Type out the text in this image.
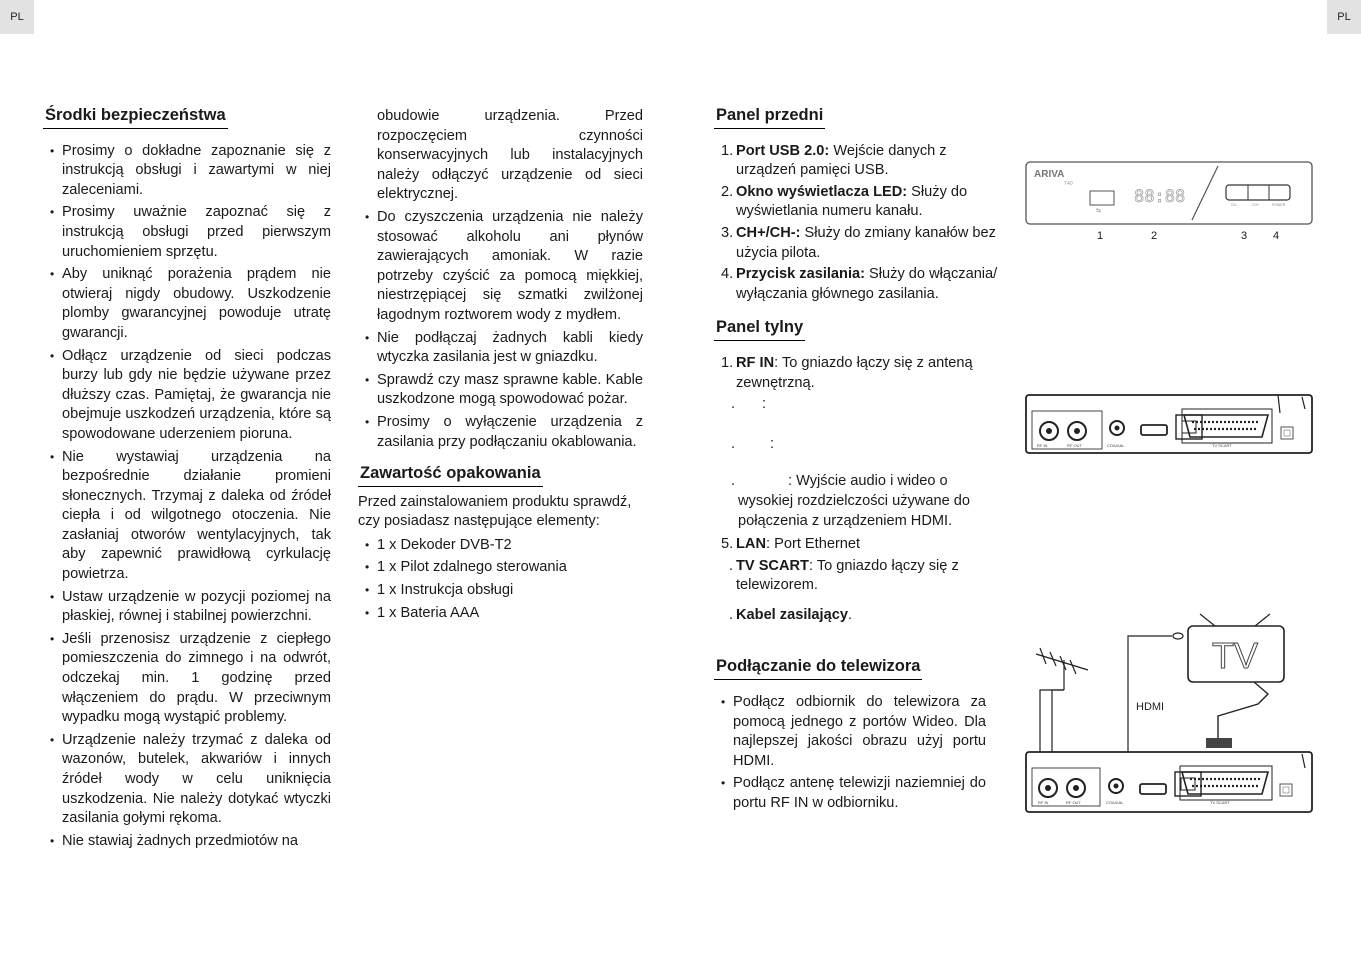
PL	PL
Środki bezpieczeństwa
• Prosimy o dokładne zapoznanie się z instrukcją obsługi i zawartymi w niej zaleceniami.
• Prosimy uważnie zapoznać się z instrukcją obsługi przed pierwszym uruchomieniem sprzętu.
• Aby uniknąć porażenia prądem nie otwieraj nigdy obudowy. Uszkodzenie plomby gwarancyjnej powoduje utratę gwarancji.
• Odłącz urządzenie od sieci podczas burzy lub gdy nie będzie używane przez dłuższy czas. Pamiętaj, że gwarancja nie obejmuje uszkodzeń urządzenia, które są spowodowane uderzeniem pioruna.
• Nie wystawiaj urządzenia na bezpośrednie działanie promieni słonecznych. Trzymaj z daleka od źródeł ciepła i od wilgotnego otoczenia. Nie zasłaniaj otworów wentylacyjnych, tak aby zapewnić prawidłową cyrkulację powietrza.
• Ustaw urządzenie w pozycji poziomej na płaskiej, równej i stabilnej powierzchni.
• Jeśli przenosisz urządzenie z ciepłego pomieszczenia do zimnego i na odwrót, odczekaj min. 1 godzinę przed włączeniem do prądu. W przeciwnym wypadku mogą wystąpić problemy.
• Urządzenie należy trzymać z daleka od wazonów, butelek, akwariów i innych źródeł wody w celu uniknięcia uszkodzenia. Nie należy dotykać wtyczki zasilania gołymi rękoma.
• Nie stawiaj żadnych przedmiotów na

obudowie urządzenia. Przed rozpoczęciem czynności konserwacyjnych lub instalacyjnych należy odłączyć urządzenie od sieci elektrycznej.

• Do czyszczenia urządzenia nie należy stosować alkoholu ani płynów zawierających amoniak. W razie potrzeby czyścić za pomocą miękkiej, niestrzępiącej się szmatki zwilżonej łagodnym roztworem wody z mydłem.
• Nie podłączaj żadnych kabli kiedy wtyczka zasilania jest w gniazdku.
• Sprawdź czy masz sprawne kable. Kable uszkodzone mogą spowodować pożar.
• Prosimy o wyłączenie urządzenia z zasilania przy podłączaniu okablowania.
Zawartość opakowania

Przed zainstalowaniem produktu sprawdź, czy posiadasz następujące elementy:

• 1 x Dekoder DVB-T2
• 1 x Pilot zdalnego sterowania
• 1 x Instrukcja obsługi
• 1 x Bateria AAA
Panel przedni
1. Port USB 2.0: Wejście danych z urządzeń pamięci USB.
2. Okno wyświetlacza LED: Służy do wyświetlania numeru kanału.
3. CH+/CH-: Służy do zmiany kanałów bez użycia pilota.
4. Przycisk zasilania: Służy do włączania/ wyłączania głównego zasilania.
Panel tylny
1. RF IN: To gniazdo łączy się z anteną zewnętrzną.
. :
. :
.	: Wyjście audio i wideo o wysokiej rozdzielczości używane do połączenia z urządzeniem HDMI.
5. LAN: Port Ethernet
. TV SCART: To gniazdo łączy się z telewizorem.
. Kabel zasilający.
Podłączanie do telewizora
• Podłącz odbiornik do telewizora za pomocą jednego z portów Wideo. Dla najlepszej jakości obrazu użyj portu HDMI.
• Podłącz antenę telewizji naziemniej do portu RF IN w odbiorniku.
ARIVA
T40
⇆
88:88	CH-	CH+	POWER
1	2	3 4
RF IN	RF OUT	COAXIAL	TV SCART
TV
HDMI
RF IN	RF OUT	COAXIAL	TV SCART
